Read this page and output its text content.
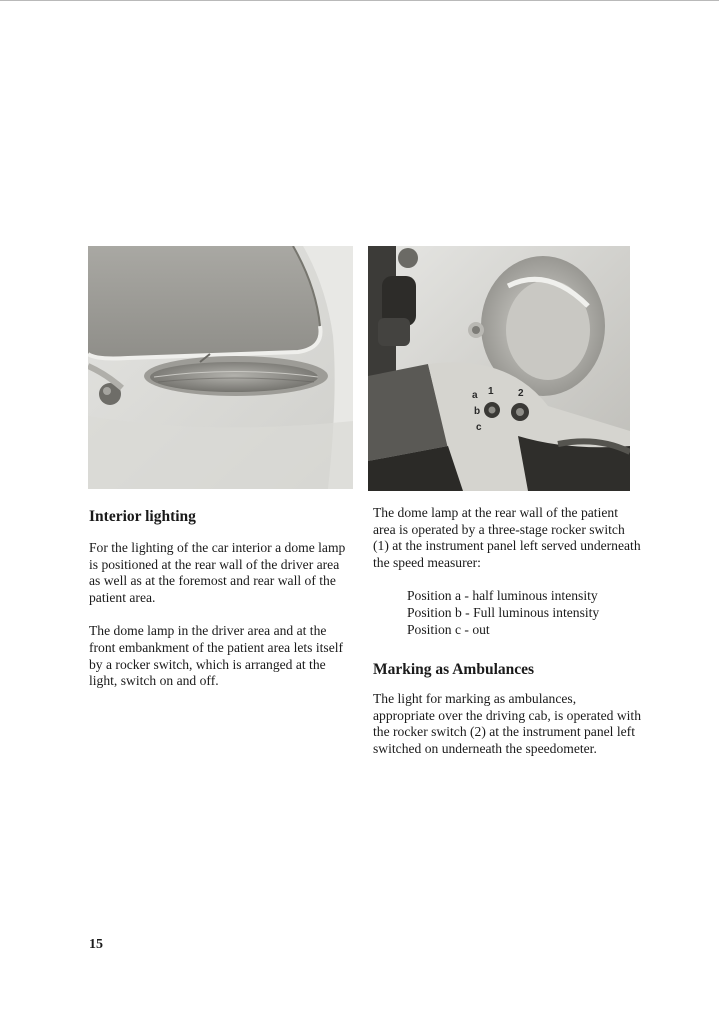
a 1 2
b
c
Interior lighting

For the lighting of the car interior a dome lamp is positioned at the rear wall of the driver area as well as at the foremost and rear wall of the patient area.

The dome lamp in the driver area and at the front embankment of the patient area lets itself by a rocker switch, which is arranged at the light, switch on and off.

The dome lamp at the rear wall of the patient area is operated by a three-stage rocker switch (1) at the instrument panel left served underneath the speed measurer:

Position a - half luminous intensity
Position b - Full luminous intensity
Position c - out
Marking as Ambulances

The light for marking as ambulances, appropriate over the driving cab, is operated with the rocker switch (2) at the instrument panel left switched on underneath the speedometer.

15
